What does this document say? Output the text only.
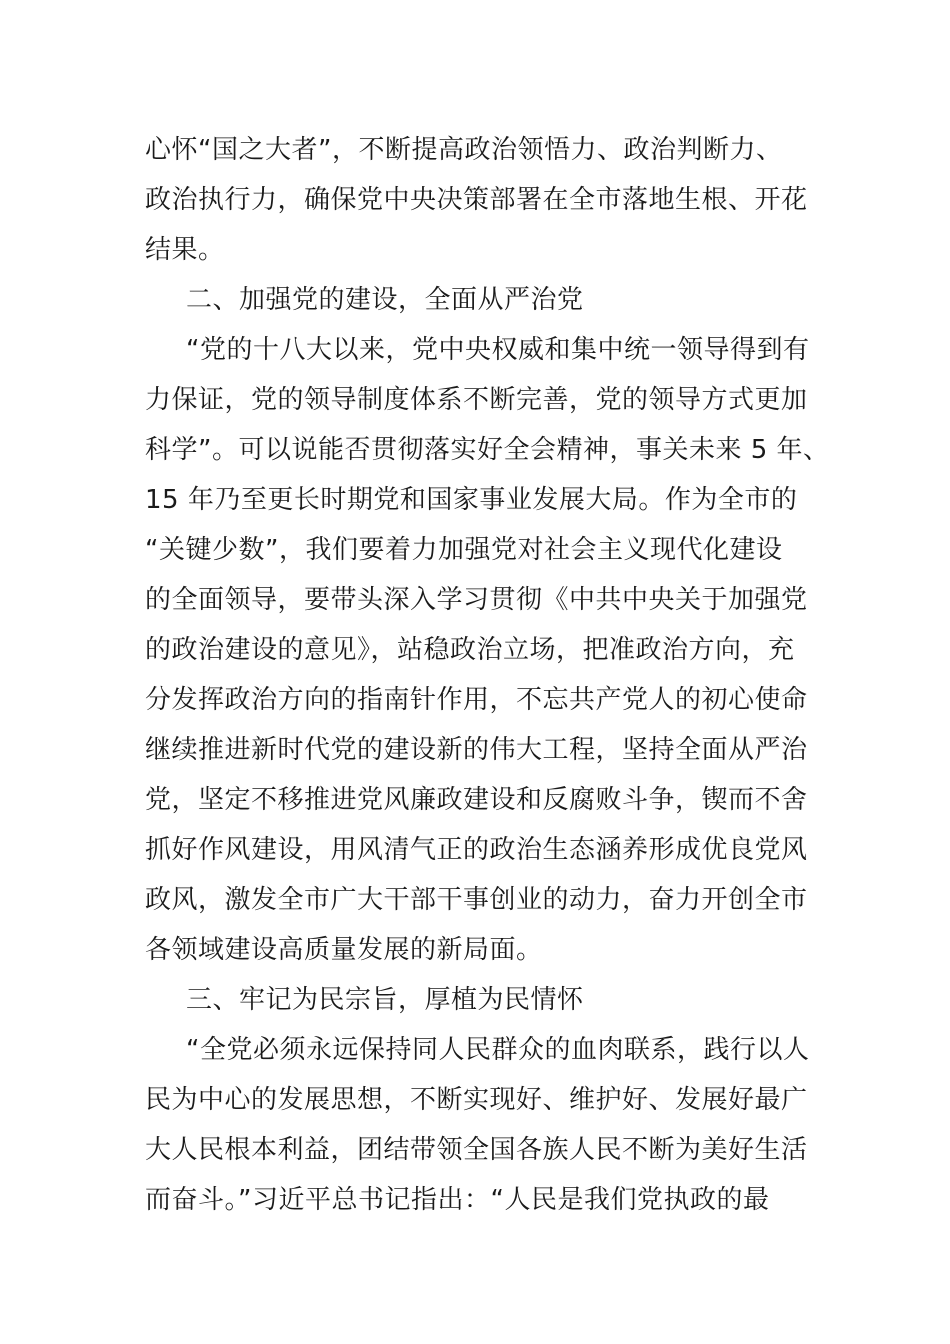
心怀“国之大者”，不断提高政治领悟力、政治判断力、
政治执行力，确保党中央决策部署在全市落地生根、开花
结果。
二、加强党的建设，全面从严治党
“党的十八大以来，党中央权威和集中统一领导得到有
力保证，党的领导制度体系不断完善，党的领导方式更加
科学”。可以说能否贯彻落实好全会精神，事关未来 5 年、
15 年乃至更长时期党和国家事业发展大局。作为全市的
“关键少数”，我们要着力加强党对社会主义现代化建设
的全面领导，要带头深入学习贯彻《中共中央关于加强党
的政治建设的意见》，站稳政治立场，把准政治方向，充
分发挥政治方向的指南针作用，不忘共产党人的初心使命
继续推进新时代党的建设新的伟大工程，坚持全面从严治
党，坚定不移推进党风廉政建设和反腐败斗争，锲而不舍
抓好作风建设，用风清气正的政治生态涵养形成优良党风
政风，激发全市广大干部干事创业的动力，奋力开创全市
各领域建设高质量发展的新局面。
三、牢记为民宗旨，厚植为民情怀
“全党必须永远保持同人民群众的血肉联系，践行以人
民为中心的发展思想，不断实现好、维护好、发展好最广
大人民根本利益，团结带领全国各族人民不断为美好生活
而奋斗。”习近平总书记指出：“人民是我们党执政的最
